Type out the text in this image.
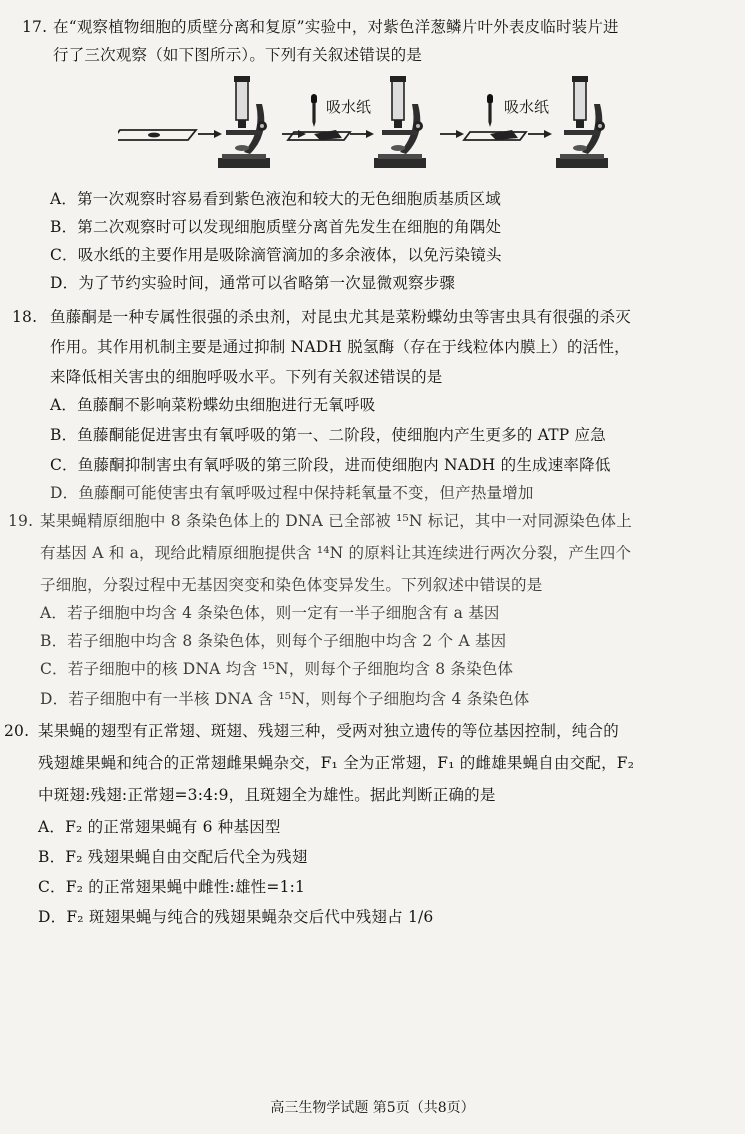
17. 在“观察植物细胞的质壁分离和复原”实验中，对紫色洋葱鳞片叶外表皮临时装片进
行了三次观察（如下图所示）。下列有关叙述错误的是
吸水纸	吸水纸
A．第一次观察时容易看到紫色液泡和较大的无色细胞质基质区域
B．第二次观察时可以发现细胞质壁分离首先发生在细胞的角隅处
C．吸水纸的主要作用是吸除滴管滴加的多余液体，以免污染镜头
D．为了节约实验时间，通常可以省略第一次显微观察步骤
18. 鱼藤酮是一种专属性很强的杀虫剂，对昆虫尤其是菜粉蝶幼虫等害虫具有很强的杀灭
作用。其作用机制主要是通过抑制 NADH 脱氢酶（存在于线粒体内膜上）的活性，
来降低相关害虫的细胞呼吸水平。下列有关叙述错误的是
A．鱼藤酮不影响菜粉蝶幼虫细胞进行无氧呼吸
B．鱼藤酮能促进害虫有氧呼吸的第一、二阶段，使细胞内产生更多的 ATP 应急
C．鱼藤酮抑制害虫有氧呼吸的第三阶段，进而使细胞内 NADH 的生成速率降低
D．鱼藤酮可能使害虫有氧呼吸过程中保持耗氧量不变，但产热量增加
19. 某果蝇精原细胞中 8 条染色体上的 DNA 已全部被 ¹⁵N 标记，其中一对同源染色体上
有基因 A 和 a，现给此精原细胞提供含 ¹⁴N 的原料让其连续进行两次分裂，产生四个
子细胞，分裂过程中无基因突变和染色体变异发生。下列叙述中错误的是
A．若子细胞中均含 4 条染色体，则一定有一半子细胞含有 a 基因
B．若子细胞中均含 8 条染色体，则每个子细胞中均含 2 个 A 基因
C．若子细胞中的核 DNA 均含 ¹⁵N，则每个子细胞均含 8 条染色体
D．若子细胞中有一半核 DNA 含 ¹⁵N，则每个子细胞均含 4 条染色体
20. 某果蝇的翅型有正常翅、斑翅、残翅三种，受两对独立遗传的等位基因控制，纯合的
残翅雄果蝇和纯合的正常翅雌果蝇杂交，F₁ 全为正常翅，F₁ 的雌雄果蝇自由交配，F₂
中斑翅:残翅:正常翅=3:4:9，且斑翅全为雄性。据此判断正确的是
A．F₂ 的正常翅果蝇有 6 种基因型
B．F₂ 残翅果蝇自由交配后代全为残翅
C．F₂ 的正常翅果蝇中雌性:雄性=1:1
D．F₂ 斑翅果蝇与纯合的残翅果蝇杂交后代中残翅占 1/6
高三生物学试题 第5页（共8页）
